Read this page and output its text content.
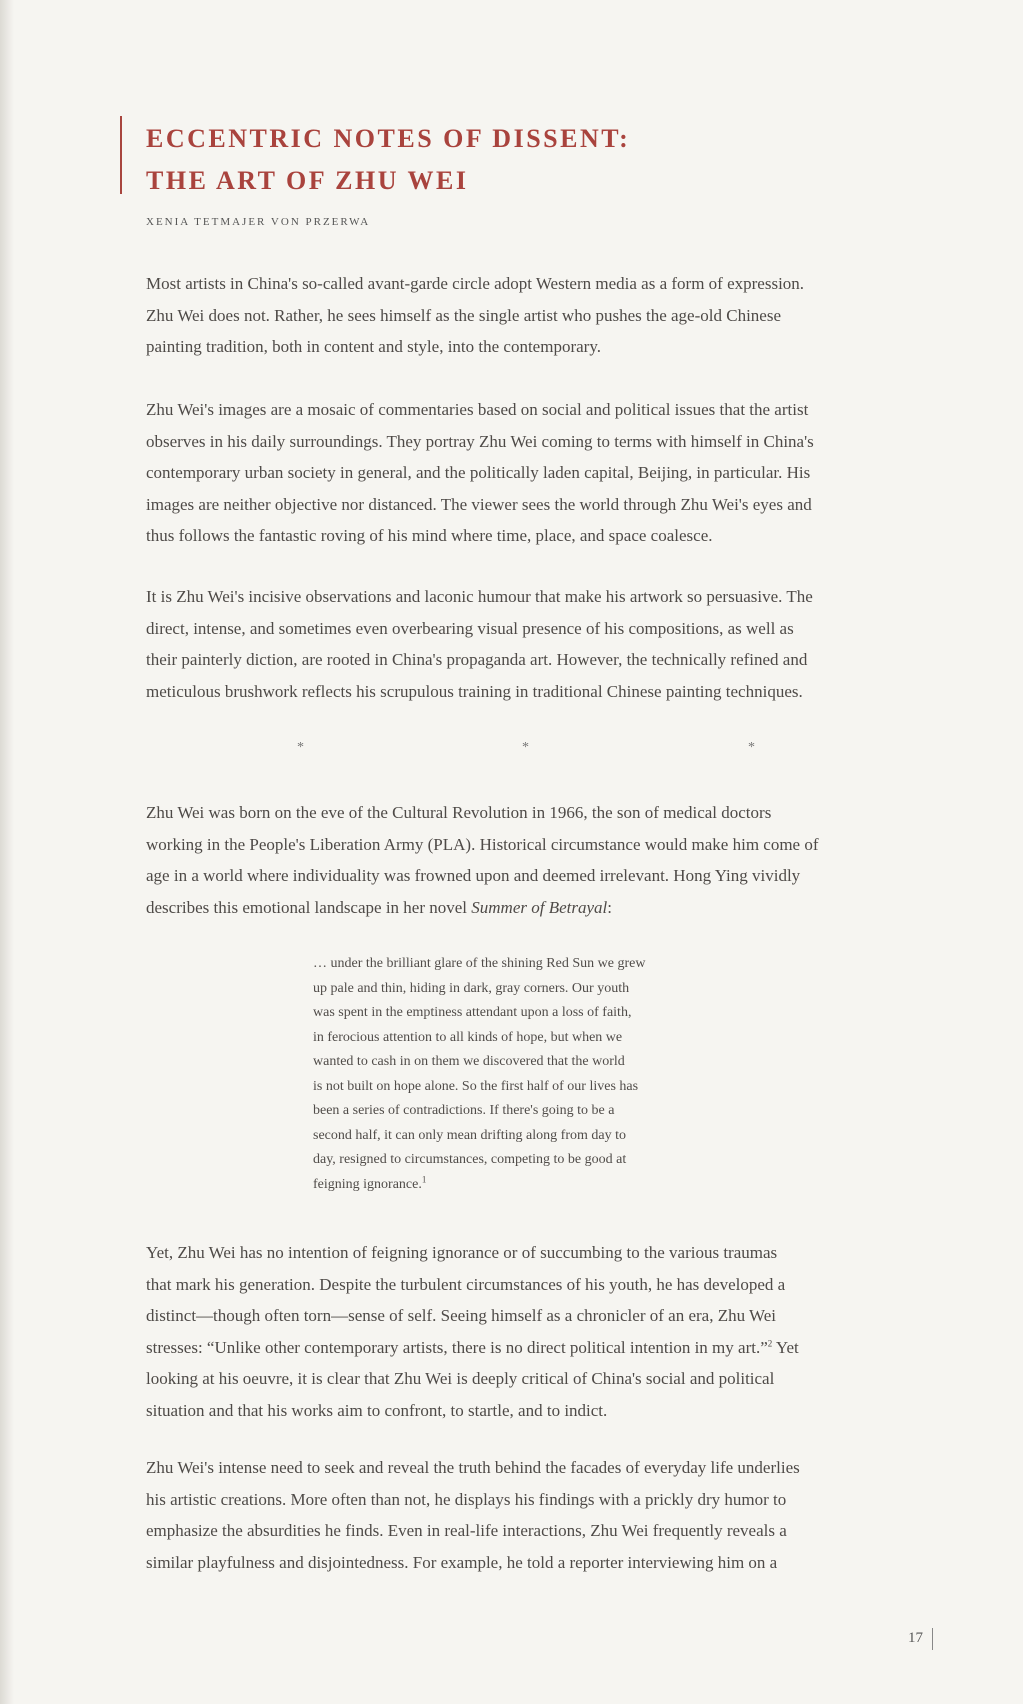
ECCENTRIC NOTES OF DISSENT:
THE ART OF ZHU WEI
XENIA TETMAJER VON PRZERWA

Most artists in China's so-called avant-garde circle adopt Western media as a form of expression.

Zhu Wei does not. Rather, he sees himself as the single artist who pushes the age-old Chinese

painting tradition, both in content and style, into the contemporary.

Zhu Wei's images are a mosaic of commentaries based on social and political issues that the artist

observes in his daily surroundings. They portray Zhu Wei coming to terms with himself in China's

contemporary urban society in general, and the politically laden capital, Beijing, in particular. His

images are neither objective nor distanced. The viewer sees the world through Zhu Wei's eyes and

thus follows the fantastic roving of his mind where time, place, and space coalesce.

It is Zhu Wei's incisive observations and laconic humour that make his artwork so persuasive. The

direct, intense, and sometimes even overbearing visual presence of his compositions, as well as

their painterly diction, are rooted in China's propaganda art. However, the technically refined and

meticulous brushwork reflects his scrupulous training in traditional Chinese painting techniques.

*	*	*

Zhu Wei was born on the eve of the Cultural Revolution in 1966, the son of medical doctors

working in the People's Liberation Army (PLA). Historical circumstance would make him come of

age in a world where individuality was frowned upon and deemed irrelevant. Hong Ying vividly

describes this emotional landscape in her novel Summer of Betrayal:

… under the brilliant glare of the shining Red Sun we grew

up pale and thin, hiding in dark, gray corners. Our youth

was spent in the emptiness attendant upon a loss of faith,

in ferocious attention to all kinds of hope, but when we

wanted to cash in on them we discovered that the world

is not built on hope alone. So the first half of our lives has

been a series of contradictions. If there's going to be a

second half, it can only mean drifting along from day to

day, resigned to circumstances, competing to be good at

feigning ignorance.$^1$

Yet, Zhu Wei has no intention of feigning ignorance or of succumbing to the various traumas

that mark his generation. Despite the turbulent circumstances of his youth, he has developed a

distinct—though often torn—sense of self. Seeing himself as a chronicler of an era, Zhu Wei

stresses: “Unlike other contemporary artists, there is no direct political intention in my art.”$^2$ Yet

looking at his oeuvre, it is clear that Zhu Wei is deeply critical of China's social and political

situation and that his works aim to confront, to startle, and to indict.

Zhu Wei's intense need to seek and reveal the truth behind the facades of everyday life underlies

his artistic creations. More often than not, he displays his findings with a prickly dry humor to

emphasize the absurdities he finds. Even in real-life interactions, Zhu Wei frequently reveals a

similar playfulness and disjointedness. For example, he told a reporter interviewing him on a

17
